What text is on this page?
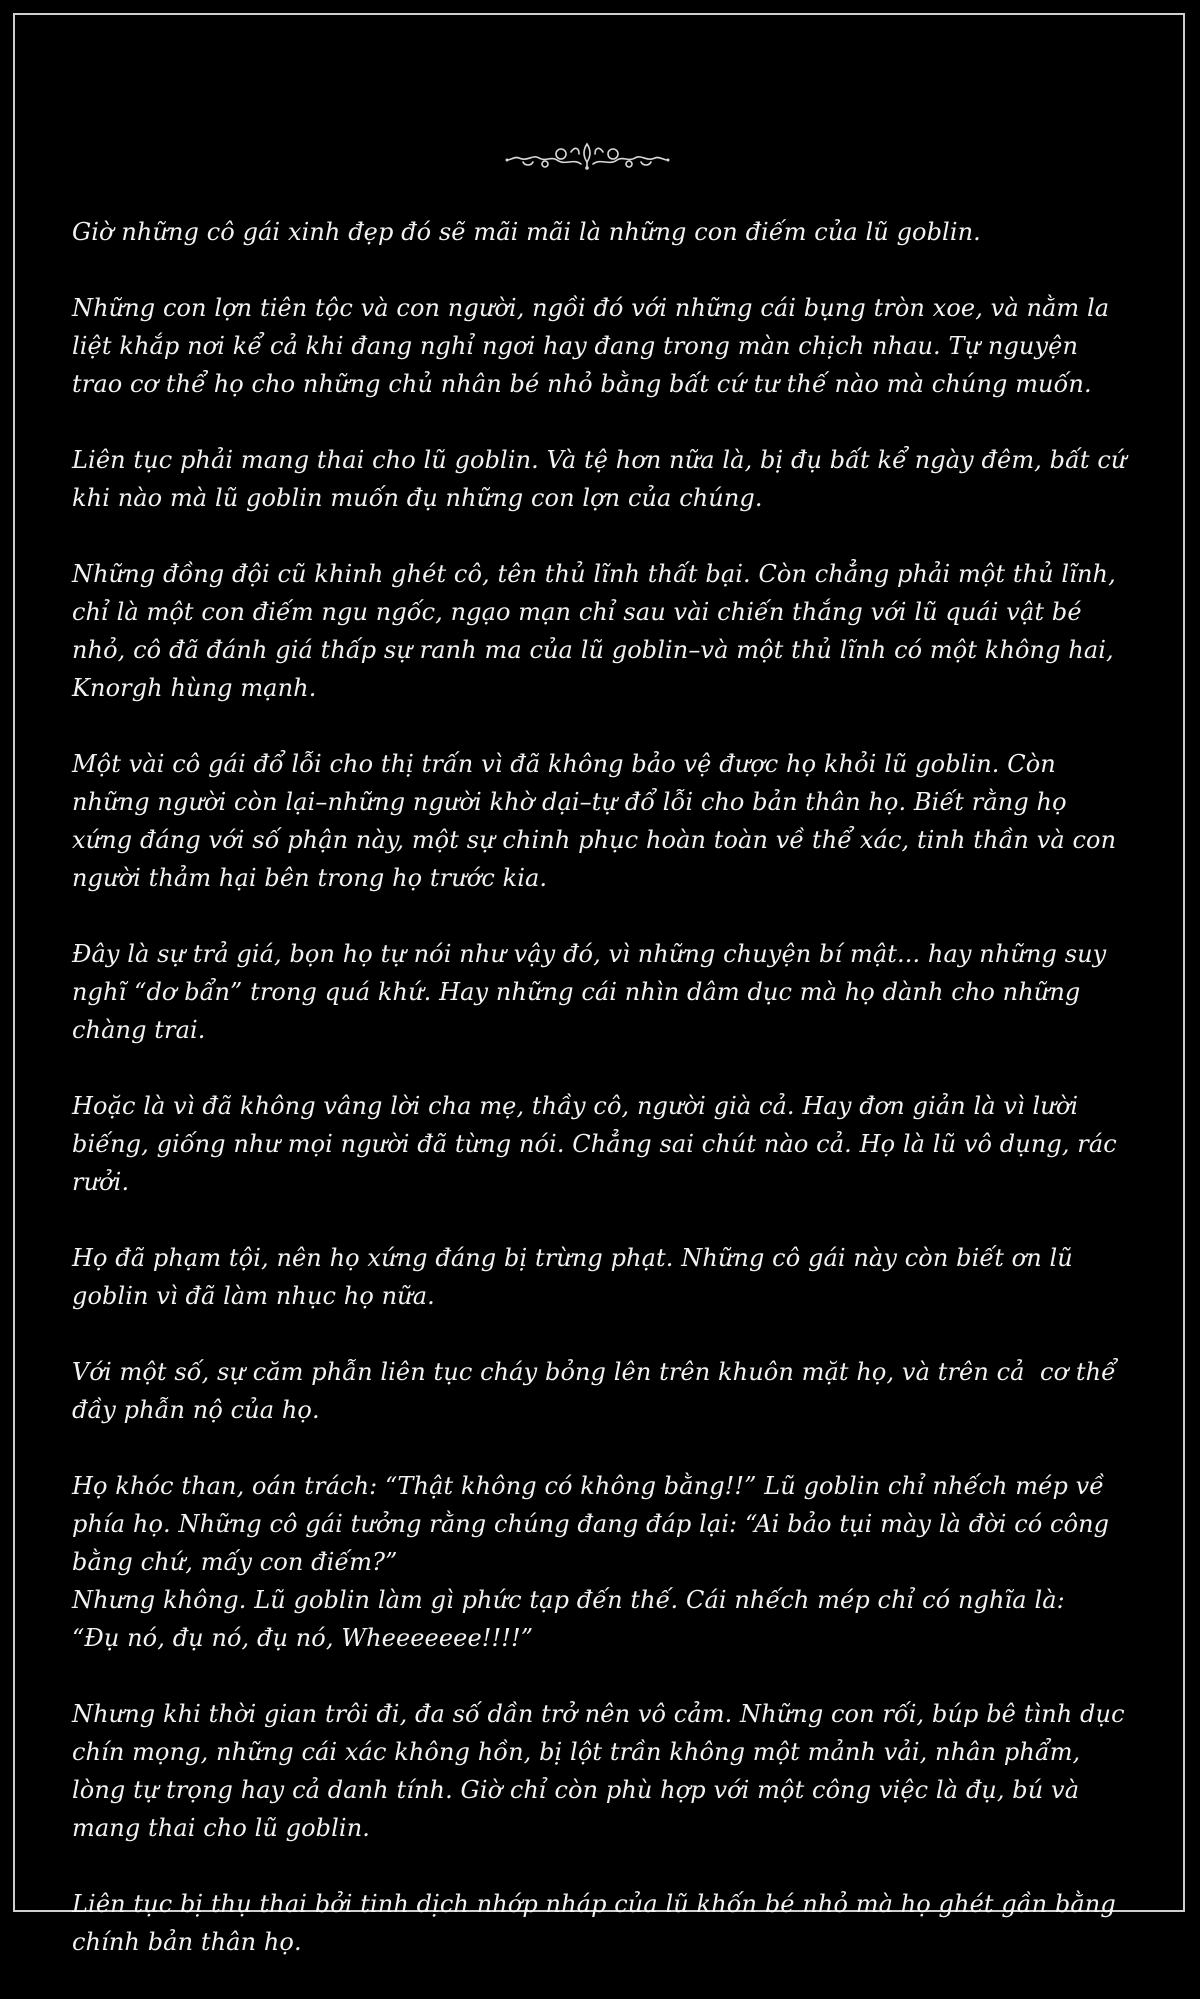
Giờ những cô gái xinh đẹp đó sẽ mãi mãi là những con điếm của lũ goblin.

Những con lợn tiên tộc và con người, ngồi đó với những cái bụng tròn xoe, và nằm la liệt khắp nơi kể cả khi đang nghỉ ngơi hay đang trong màn chịch nhau. Tự nguyện trao cơ thể họ cho những chủ nhân bé nhỏ bằng bất cứ tư thế nào mà chúng muốn.

Liên tục phải mang thai cho lũ goblin. Và tệ hơn nữa là, bị đụ bất kể ngày đêm, bất cứ khi nào mà lũ goblin muốn đụ những con lợn của chúng.

Những đồng đội cũ khinh ghét cô, tên thủ lĩnh thất bại. Còn chẳng phải một thủ lĩnh, chỉ là một con điếm ngu ngốc, ngạo mạn chỉ sau vài chiến thắng với lũ quái vật bé nhỏ, cô đã đánh giá thấp sự ranh ma của lũ goblin–và một thủ lĩnh có một không hai, Knorgh hùng mạnh.

Một vài cô gái đổ lỗi cho thị trấn vì đã không bảo vệ được họ khỏi lũ goblin. Còn những người còn lại–những người khờ dại–tự đổ lỗi cho bản thân họ. Biết rằng họ xứng đáng với số phận này, một sự chinh phục hoàn toàn về thể xác, tinh thần và con người thảm hại bên trong họ trước kia.

Đây là sự trả giá, bọn họ tự nói như vậy đó, vì những chuyện bí mật... hay những suy nghĩ “dơ bẩn” trong quá khứ. Hay những cái nhìn dâm dục mà họ dành cho những chàng trai.

Hoặc là vì đã không vâng lời cha mẹ, thầy cô, người già cả. Hay đơn giản là vì lười biếng, giống như mọi người đã từng nói. Chẳng sai chút nào cả. Họ là lũ vô dụng, rác rưởi.

Họ đã phạm tội, nên họ xứng đáng bị trừng phạt. Những cô gái này còn biết ơn lũ goblin vì đã làm nhục họ nữa.

Với một số, sự căm phẫn liên tục cháy bỏng lên trên khuôn mặt họ, và trên cả  cơ thể đầy phẫn nộ của họ.

Họ khóc than, oán trách: “Thật không có không bằng!!” Lũ goblin chỉ nhếch mép về phía họ. Những cô gái tưởng rằng chúng đang đáp lại: “Ai bảo tụi mày là đời có công bằng chứ, mấy con điếm?”

Nhưng không. Lũ goblin làm gì phức tạp đến thế. Cái nhếch mép chỉ có nghĩa là:
“Đụ nó, đụ nó, đụ nó, Wheeeeeee!!!!”

Nhưng khi thời gian trôi đi, đa số dần trở nên vô cảm. Những con rối, búp bê tình dục chín mọng, những cái xác không hồn, bị lột trần không một mảnh vải, nhân phẩm, lòng tự trọng hay cả danh tính. Giờ chỉ còn phù hợp với một công việc là đụ, bú và mang thai cho lũ goblin.

Liên tục bị thụ thai bởi tinh dịch nhớp nháp của lũ khốn bé nhỏ mà họ ghét gần bằng chính bản thân họ.
